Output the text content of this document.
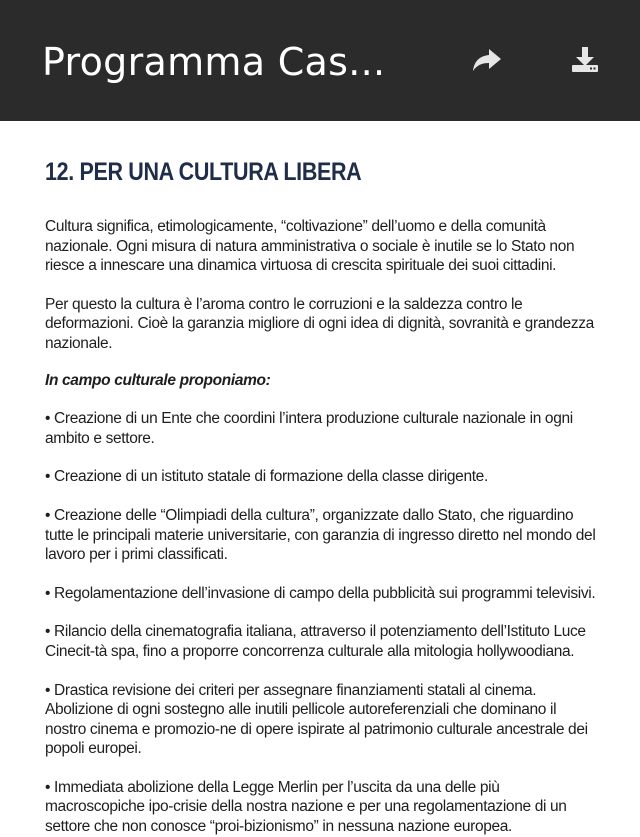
Programma Cas...
12. PER UNA CULTURA LIBERA

Cultura significa, etimologicamente, “coltivazione” dell’uomo e della comunità nazionale. Ogni misura di natura amministrativa o sociale è inutile se lo Stato non riesce a innescare una dinamica virtuosa di crescita spirituale dei suoi cittadini.

Per questo la cultura è l’aroma contro le corruzioni e la saldezza contro le deformazioni. Cioè la garanzia migliore di ogni idea di dignità, sovranità e grandezza nazionale.

In campo culturale proponiamo:

• Creazione di un Ente che coordini l’intera produzione culturale nazionale in ogni ambito e settore.

• Creazione di un istituto statale di formazione della classe dirigente.

• Creazione delle “Olimpiadi della cultura”, organizzate dallo Stato, che riguardino tutte le principali materie universitarie, con garanzia di ingresso diretto nel mondo del lavoro per i primi classificati.

• Regolamentazione dell’invasione di campo della pubblicità sui programmi televisivi.

• Rilancio della cinematografia italiana, attraverso il potenziamento dell’Istituto Luce Cinecit-tà spa, fino a proporre concorrenza culturale alla mitologia hollywoodiana.

• Drastica revisione dei criteri per assegnare finanziamenti statali al cinema. Abolizione di ogni sostegno alle inutili pellicole autoreferenziali che dominano il nostro cinema e promozio-ne di opere ispirate al patrimonio culturale ancestrale dei popoli europei.

• Immediata abolizione della Legge Merlin per l’uscita da una delle più macroscopiche ipo-crisie della nostra nazione e per una regolamentazione di un settore che non conosce “proi-bizionismo” in nessuna nazione europea.
